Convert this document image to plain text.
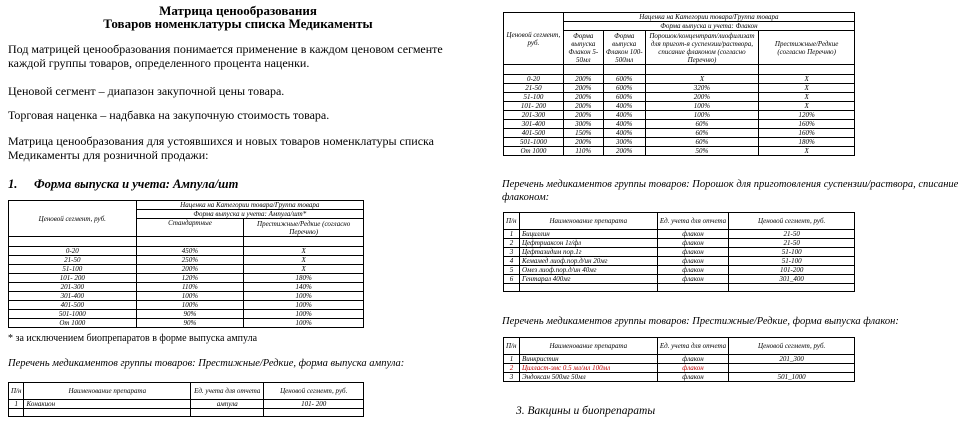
Матрица ценообразования
Товаров номенклатуры списка Медикаменты
Под матрицей ценообразования понимается применение в каждом ценовом сегменте каждой группы товаров, определенного процента наценки.
Ценовой сегмент – диапазон закупочной цены товара.
Торговая наценка – надбавка на закупочную стоимость товара.
Матрица ценообразования для устоявшихся и новых товаров номенклатуры списка Медикаменты для розничной продажи:
1. Форма выпуска и учета: Ампула/шт
Ценовой сегмент, руб.	Наценка на Категории товара/Группа товара	
	Форма выпуска и учета: Ампула/шт*	
	Стандартные	Престижные/Редкие (согласно Перечню)

0-20	450%	X
21-50	250%	X
51-100	200%	X
101- 200	120%	180%
201-300	110%	140%
301-400	100%	100%
401-500	100%	100%
501-1000	90%	100%
От 1000	90%	100%
* за исключением биопрепаратов в форме выпуска ампула
Перечень медикаментов группы товаров: Престижные/Редкие, форма выпуска ампула:
П/н	Наименование препарата	Ед. учета для отчета	Ценовой сегмент, руб.
1	Конакион	ампула	101- 200

Ценовой сегмент, руб.	Наценка на Категории товара/Группа товара			
	Форма выпуска и учета: Флакон			
	Форма выпуска Флакон 5-50мл	Форма выпуска Флакон 100-500мл	Порошок/концентрат/лиофилизат для пригот-я суспензии/раствора, списание флаконом (согласно Перечню)	Престижные/Редкие (согласно Перечню)

0-20	200%	600%	X	X
21-50	200%	600%	320%	X
51-100	200%	600%	200%	X
101- 200	200%	400%	100%	X
201-300	200%	400%	100%	120%
301-400	300%	400%	60%	160%
401-500	150%	400%	60%	160%
501-1000	200%	300%	60%	180%
От 1000	110%	200%	50%	X
Перечень медикаментов группы товаров: Порошок для приготовления суспензии/раствора, списание флаконом:
П/н	Наименование препарата	Ед. учета для отчета	Ценовой сегмент, руб.
1	Бициллин	флакон	21-50
2	Цефтриаксон 1г/фл	флакон	21-50
3	Цефтазидим пор.1г	флакон	51-100
4	Кемамед лиоф.пор.д/ин 20мг	флакон	51-100
5	Омез лиоф.пор.д/ин 40мг	флакон	101-200
6	Гентарал 400мг	флакон	301_400

Перечень медикаментов группы товаров: Престижные/Редкие, форма выпуска флакон:
П/н	Наименование препарата	Ед. учета для отчета	Ценовой сегмент, руб.
1	Винкристин	флакон	201_300
2	Цилласт-эмс 0.5 мл/мл 100мл	флакон	
3	Эндоксан 500мг 50мл	флакон	501_1000
3. Вакцины и биопрепараты
